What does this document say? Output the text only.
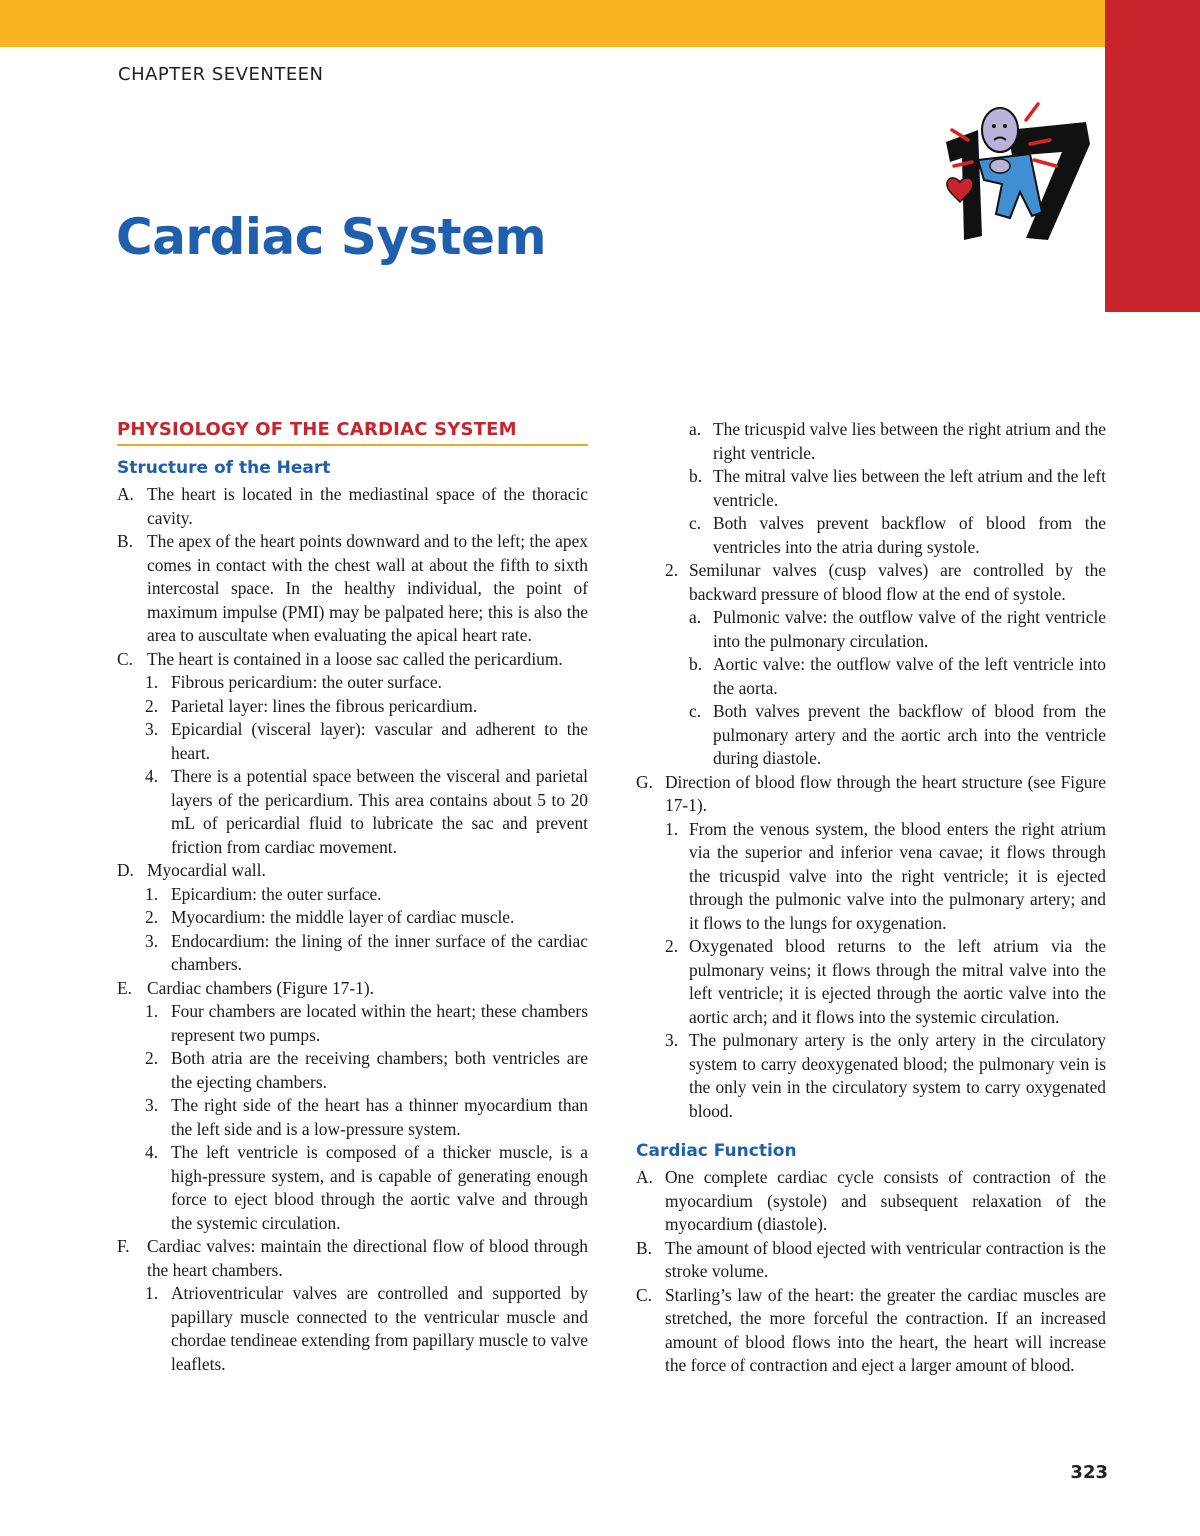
CHAPTER SEVENTEEN
Cardiac System
PHYSIOLOGY OF THE CARDIAC SYSTEM
Structure of the Heart
A. The heart is located in the mediastinal space of the thoracic cavity.
B. The apex of the heart points downward and to the left; the apex comes in contact with the chest wall at about the fifth to sixth intercostal space. In the healthy individual, the point of maximum impulse (PMI) may be palpated here; this is also the area to auscultate when evaluating the apical heart rate.
C. The heart is contained in a loose sac called the pericardium.
1. Fibrous pericardium: the outer surface.
2. Parietal layer: lines the fibrous pericardium.
3. Epicardial (visceral layer): vascular and adherent to the heart.
4. There is a potential space between the visceral and parietal layers of the pericardium. This area contains about 5 to 20 mL of pericardial fluid to lubricate the sac and prevent friction from cardiac movement.
D. Myocardial wall.
1. Epicardium: the outer surface.
2. Myocardium: the middle layer of cardiac muscle.
3. Endocardium: the lining of the inner surface of the cardiac chambers.
E. Cardiac chambers (Figure 17-1).
1. Four chambers are located within the heart; these chambers represent two pumps.
2. Both atria are the receiving chambers; both ventricles are the ejecting chambers.
3. The right side of the heart has a thinner myocardium than the left side and is a low-pressure system.
4. The left ventricle is composed of a thicker muscle, is a high-pressure system, and is capable of generating enough force to eject blood through the aortic valve and through the systemic circulation.
F. Cardiac valves: maintain the directional flow of blood through the heart chambers.
1. Atrioventricular valves are controlled and supported by papillary muscle connected to the ventricular muscle and chordae tendineae extending from papillary muscle to valve leaflets.
a. The tricuspid valve lies between the right atrium and the right ventricle.
b. The mitral valve lies between the left atrium and the left ventricle.
c. Both valves prevent backflow of blood from the ventricles into the atria during systole.
2. Semilunar valves (cusp valves) are controlled by the backward pressure of blood flow at the end of systole.
a. Pulmonic valve: the outflow valve of the right ventricle into the pulmonary circulation.
b. Aortic valve: the outflow valve of the left ventricle into the aorta.
c. Both valves prevent the backflow of blood from the pulmonary artery and the aortic arch into the ventricle during diastole.
G. Direction of blood flow through the heart structure (see Figure 17-1).
1. From the venous system, the blood enters the right atrium via the superior and inferior vena cavae; it flows through the tricuspid valve into the right ventricle; it is ejected through the pulmonic valve into the pulmonary artery; and it flows to the lungs for oxygenation.
2. Oxygenated blood returns to the left atrium via the pulmonary veins; it flows through the mitral valve into the left ventricle; it is ejected through the aortic valve into the aortic arch; and it flows into the systemic circulation.
3. The pulmonary artery is the only artery in the circulatory system to carry deoxygenated blood; the pulmonary vein is the only vein in the circulatory system to carry oxygenated blood.
Cardiac Function
A. One complete cardiac cycle consists of contraction of the myocardium (systole) and subsequent relaxation of the myocardium (diastole).
B. The amount of blood ejected with ventricular contraction is the stroke volume.
C. Starling’s law of the heart: the greater the cardiac muscles are stretched, the more forceful the contraction. If an increased amount of blood flows into the heart, the heart will increase the force of contraction and eject a larger amount of blood.
323
